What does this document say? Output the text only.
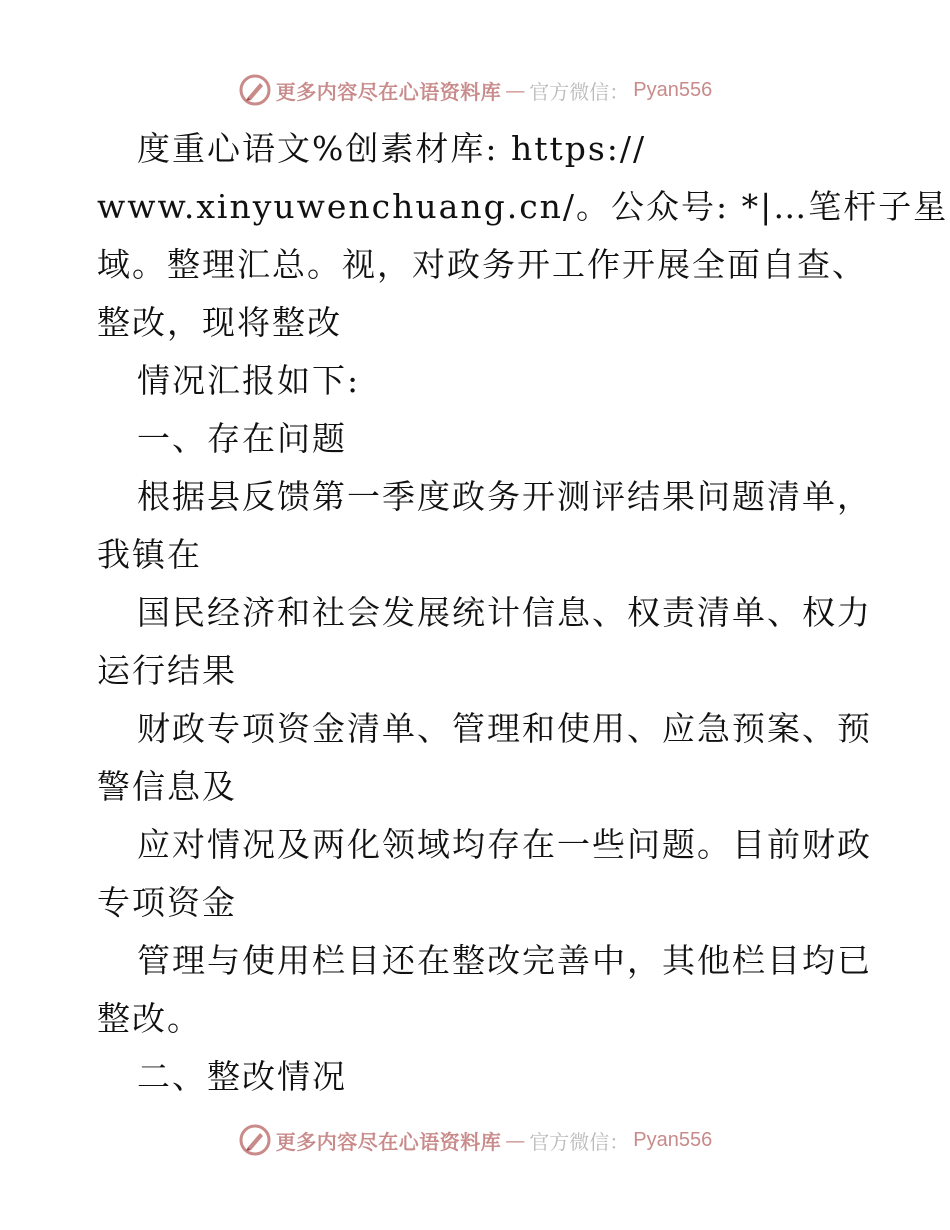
更多内容尽在心语资料库 — 官方微信： Pyan556
度重心语文%创素材库: https://
www.xinyuwenchuang.cn/。公众号: *|…笔杆子星
域。整理汇总。视，对政务开工作开展全面自查、
整改，现将整改
情况汇报如下:
一、存在问题
根据县反馈第一季度政务开测评结果问题清单，
我镇在
国民经济和社会发展统计信息、权责清单、权力
运行结果
财政专项资金清单、管理和使用、应急预案、预
警信息及
应对情况及两化领域均存在一些问题。目前财政
专项资金
管理与使用栏目还在整改完善中，其他栏目均已
整改。
二、整改情况
更多内容尽在心语资料库 — 官方微信： Pyan556
